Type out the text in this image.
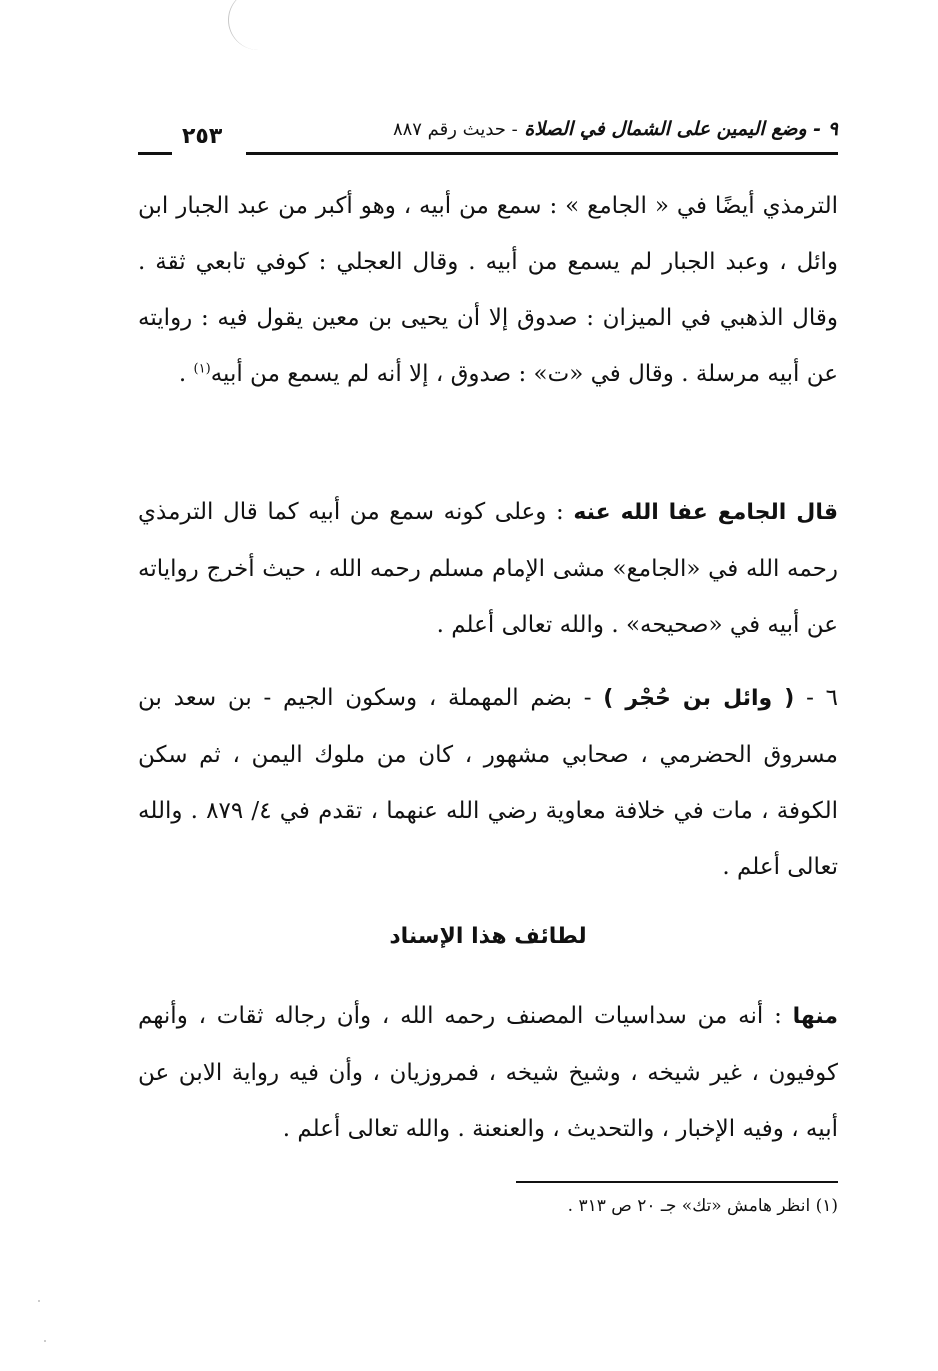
٩ - وضع اليمين على الشمال في الصلاة - حديث رقم ٨٨٧
٢٥٣

الترمذي أيضًا في « الجامع » : سمع من أبيه ، وهو أكبر من عبد الجبار ابن وائل ، وعبد الجبار لم يسمع من أبيه . وقال العجلي : كوفي تابعي ثقة . وقال الذهبي في الميزان : صدوق إلا أن يحيى بن معين يقول فيه : روايته عن أبيه مرسلة . وقال في «ت» : صدوق ، إلا أنه لم يسمع من أبيه$^{(١)}$ .

قال الجامع عفا الله عنه : وعلى كونه سمع من أبيه كما قال الترمذي رحمه الله في «الجامع» مشى الإمام مسلم رحمه الله ، حيث أخرج رواياته عن أبيه في «صحيحه» . والله تعالى أعلم .

٦ - ( وائل بن حُجْر ) - بضم المهملة ، وسكون الجيم - بن سعد بن مسروق الحضرمي ، صحابي مشهور ، كان من ملوك اليمن ، ثم سكن الكوفة ، مات في خلافة معاوية رضي الله عنهما ، تقدم في ٤/ ٨٧٩ . والله تعالى أعلم .

لطائف هذا الإسناد

منها : أنه من سداسيات المصنف رحمه الله ، وأن رجاله ثقات ، وأنهم كوفيون ، غير شيخه ، وشيخ شيخه ، فمروزيان ، وأن فيه رواية الابن عن أبيه ، وفيه الإخبار ، والتحديث ، والعنعنة . والله تعالى أعلم .

(١) انظر هامش «تك» جـ ٢٠ ص ٣١٣ .
